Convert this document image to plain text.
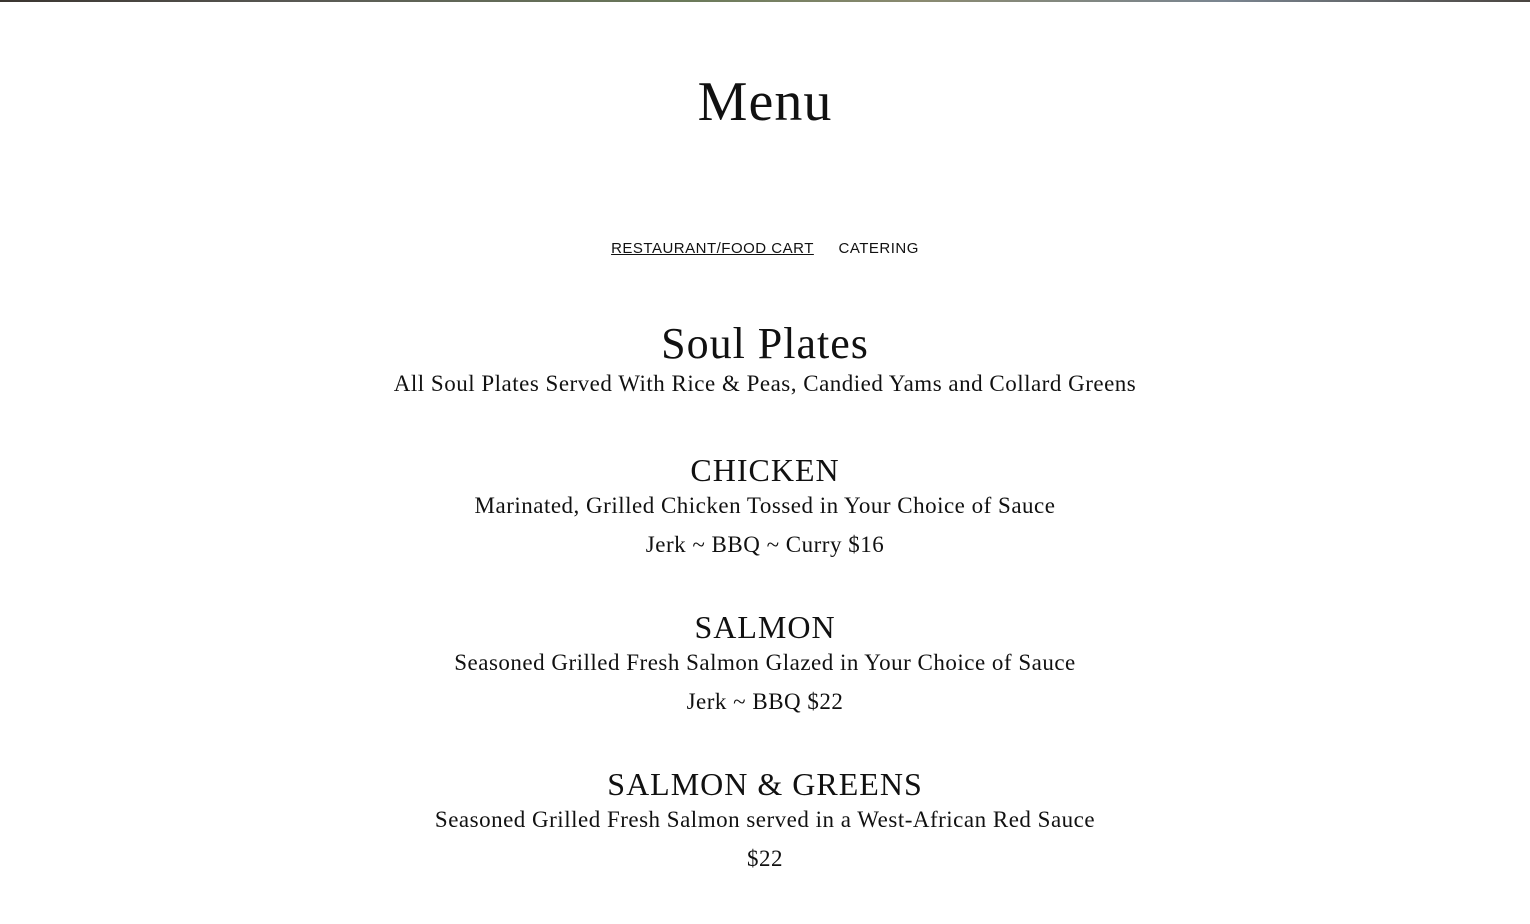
Menu
RESTAURANT/FOOD CART CATERING
Soul Plates
All Soul Plates Served With Rice & Peas, Candied Yams and Collard Greens
CHICKEN
Marinated, Grilled Chicken Tossed in Your Choice of Sauce
Jerk ~ BBQ ~ Curry $16
SALMON
Seasoned Grilled Fresh Salmon Glazed in Your Choice of Sauce
Jerk ~ BBQ $22
SALMON & GREENS
Seasoned Grilled Fresh Salmon served in a West-African Red Sauce
$22
